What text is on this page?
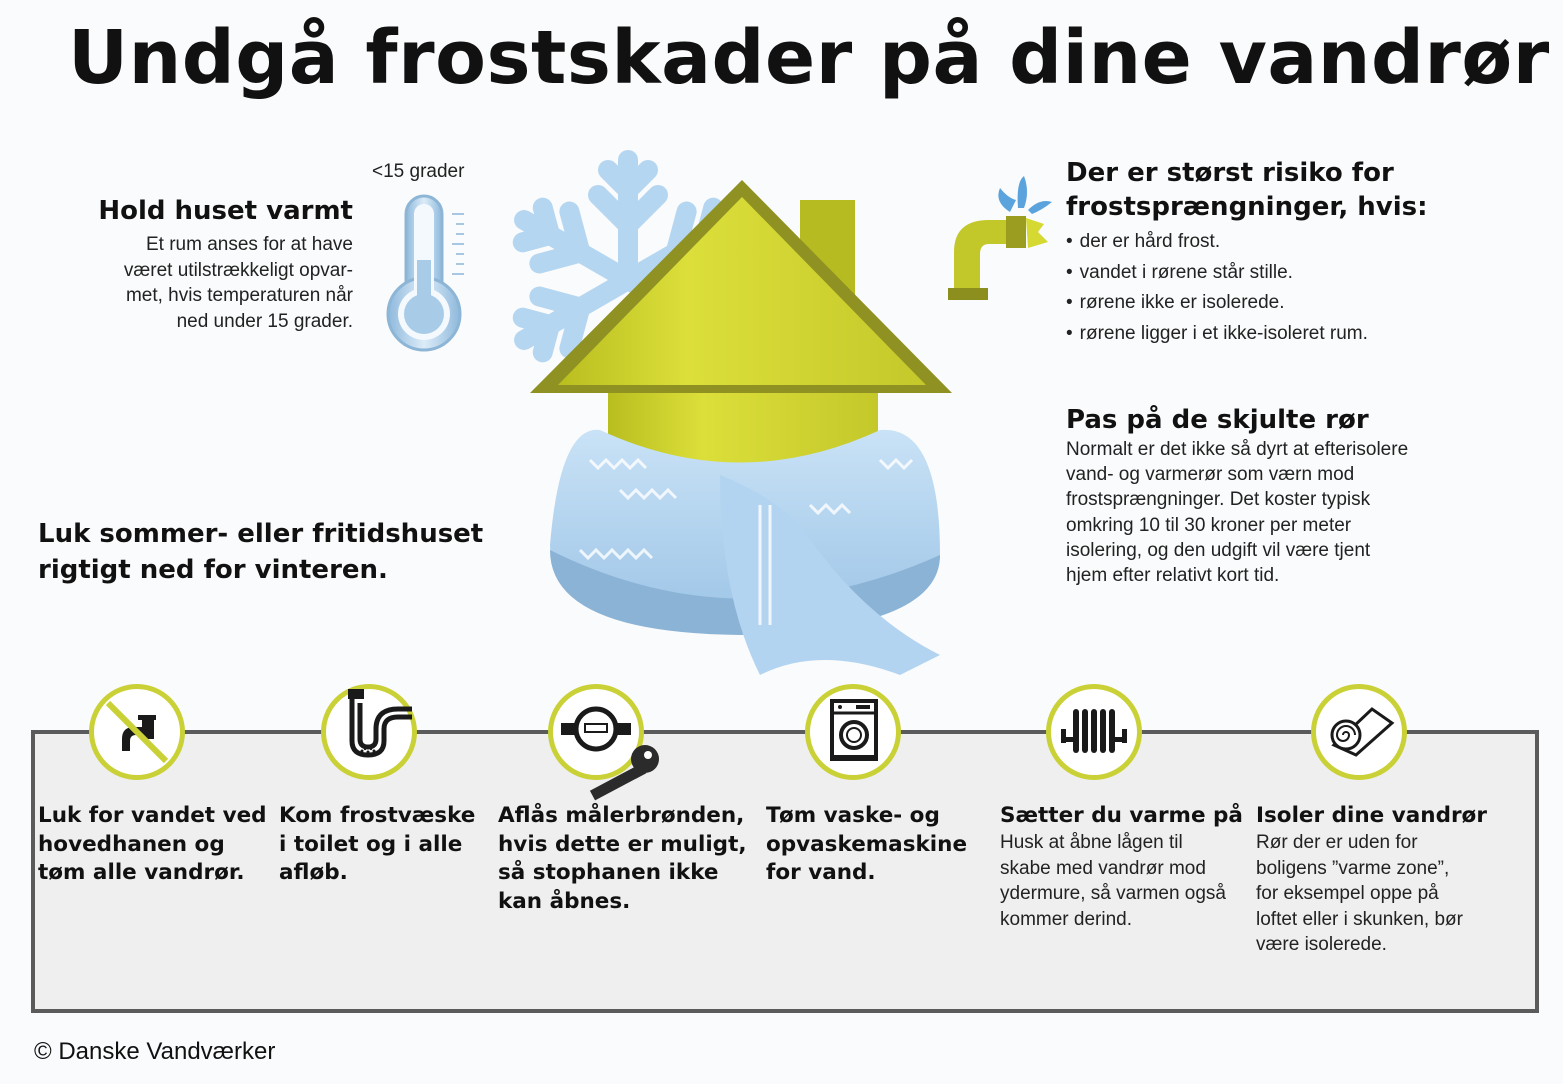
Undgå frostskader på dine vandrør
Hold huset varmt
Et rum anses for at have
været utilstrækkeligt opvar-
met, hvis temperaturen når
ned under 15 grader.
<15 grader	Der er størst risiko for
frostsprængninger, hvis:
• der er hård frost.
• vandet i rørene står stille.
• rørene ikke er isolerede.
• rørene ligger i et ikke-isoleret rum.
Pas på de skjulte rør
Normalt er det ikke så dyrt at efterisolere
vand- og varmerør som værn mod
frostsprængninger. Det koster typisk
omkring 10 til 30 kroner per meter
isolering, og den udgift vil være tjent
hjem efter relativt kort tid.
Luk sommer- eller fritidshuset
rigtigt ned for vinteren.
Luk for vandet ved
hovedhanen og
tøm alle vandrør.
Kom frostvæske
i toilet og i alle
afløb.
Aflås målerbrønden,
hvis dette er muligt,
så stophanen ikke
kan åbnes.
Tøm vaske- og
opvaskemaskine
for vand.
Sætter du varme på
Husk at åbne lågen til
skabe med vandrør mod
ydermure, så varmen også
kommer derind.
Isoler dine vandrør
Rør der er uden for
boligens ”varme zone”,
for eksempel oppe på
loftet eller i skunken, bør
være isolerede.
© Danske Vandværker
